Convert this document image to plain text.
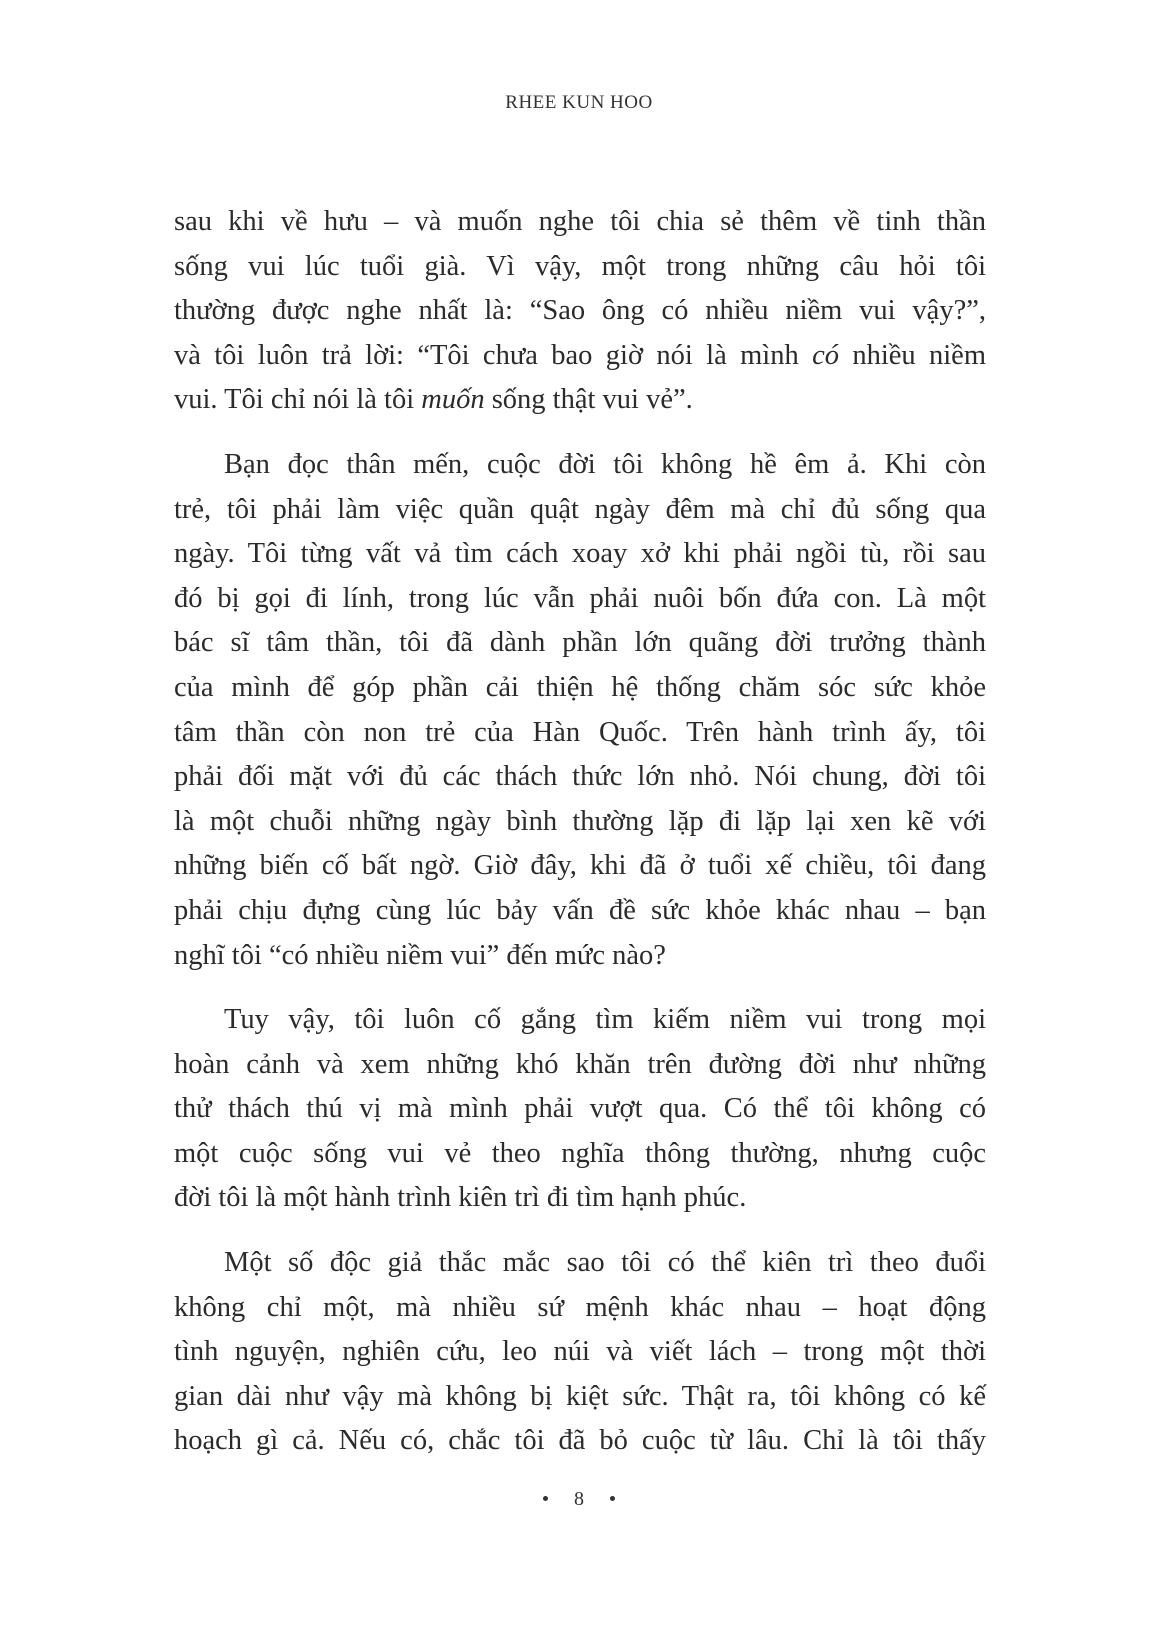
RHEE KUN HOO
sau khi về hưu – và muốn nghe tôi chia sẻ thêm về tinh thần
sống vui lúc tuổi già. Vì vậy, một trong những câu hỏi tôi
thường được nghe nhất là: “Sao ông có nhiều niềm vui vậy?”,
và tôi luôn trả lời: “Tôi chưa bao giờ nói là mình có nhiều niềm
vui. Tôi chỉ nói là tôi muốn sống thật vui vẻ”.
Bạn đọc thân mến, cuộc đời tôi không hề êm ả. Khi còn
trẻ, tôi phải làm việc quần quật ngày đêm mà chỉ đủ sống qua
ngày. Tôi từng vất vả tìm cách xoay xở khi phải ngồi tù, rồi sau
đó bị gọi đi lính, trong lúc vẫn phải nuôi bốn đứa con. Là một
bác sĩ tâm thần, tôi đã dành phần lớn quãng đời trưởng thành
của mình để góp phần cải thiện hệ thống chăm sóc sức khỏe
tâm thần còn non trẻ của Hàn Quốc. Trên hành trình ấy, tôi
phải đối mặt với đủ các thách thức lớn nhỏ. Nói chung, đời tôi
là một chuỗi những ngày bình thường lặp đi lặp lại xen kẽ với
những biến cố bất ngờ. Giờ đây, khi đã ở tuổi xế chiều, tôi đang
phải chịu đựng cùng lúc bảy vấn đề sức khỏe khác nhau – bạn
nghĩ tôi “có nhiều niềm vui” đến mức nào?
Tuy vậy, tôi luôn cố gắng tìm kiếm niềm vui trong mọi
hoàn cảnh và xem những khó khăn trên đường đời như những
thử thách thú vị mà mình phải vượt qua. Có thể tôi không có
một cuộc sống vui vẻ theo nghĩa thông thường, nhưng cuộc
đời tôi là một hành trình kiên trì đi tìm hạnh phúc.
Một số độc giả thắc mắc sao tôi có thể kiên trì theo đuổi
không chỉ một, mà nhiều sứ mệnh khác nhau – hoạt động
tình nguyện, nghiên cứu, leo núi và viết lách – trong một thời
gian dài như vậy mà không bị kiệt sức. Thật ra, tôi không có kế
hoạch gì cả. Nếu có, chắc tôi đã bỏ cuộc từ lâu. Chỉ là tôi thấy
8
